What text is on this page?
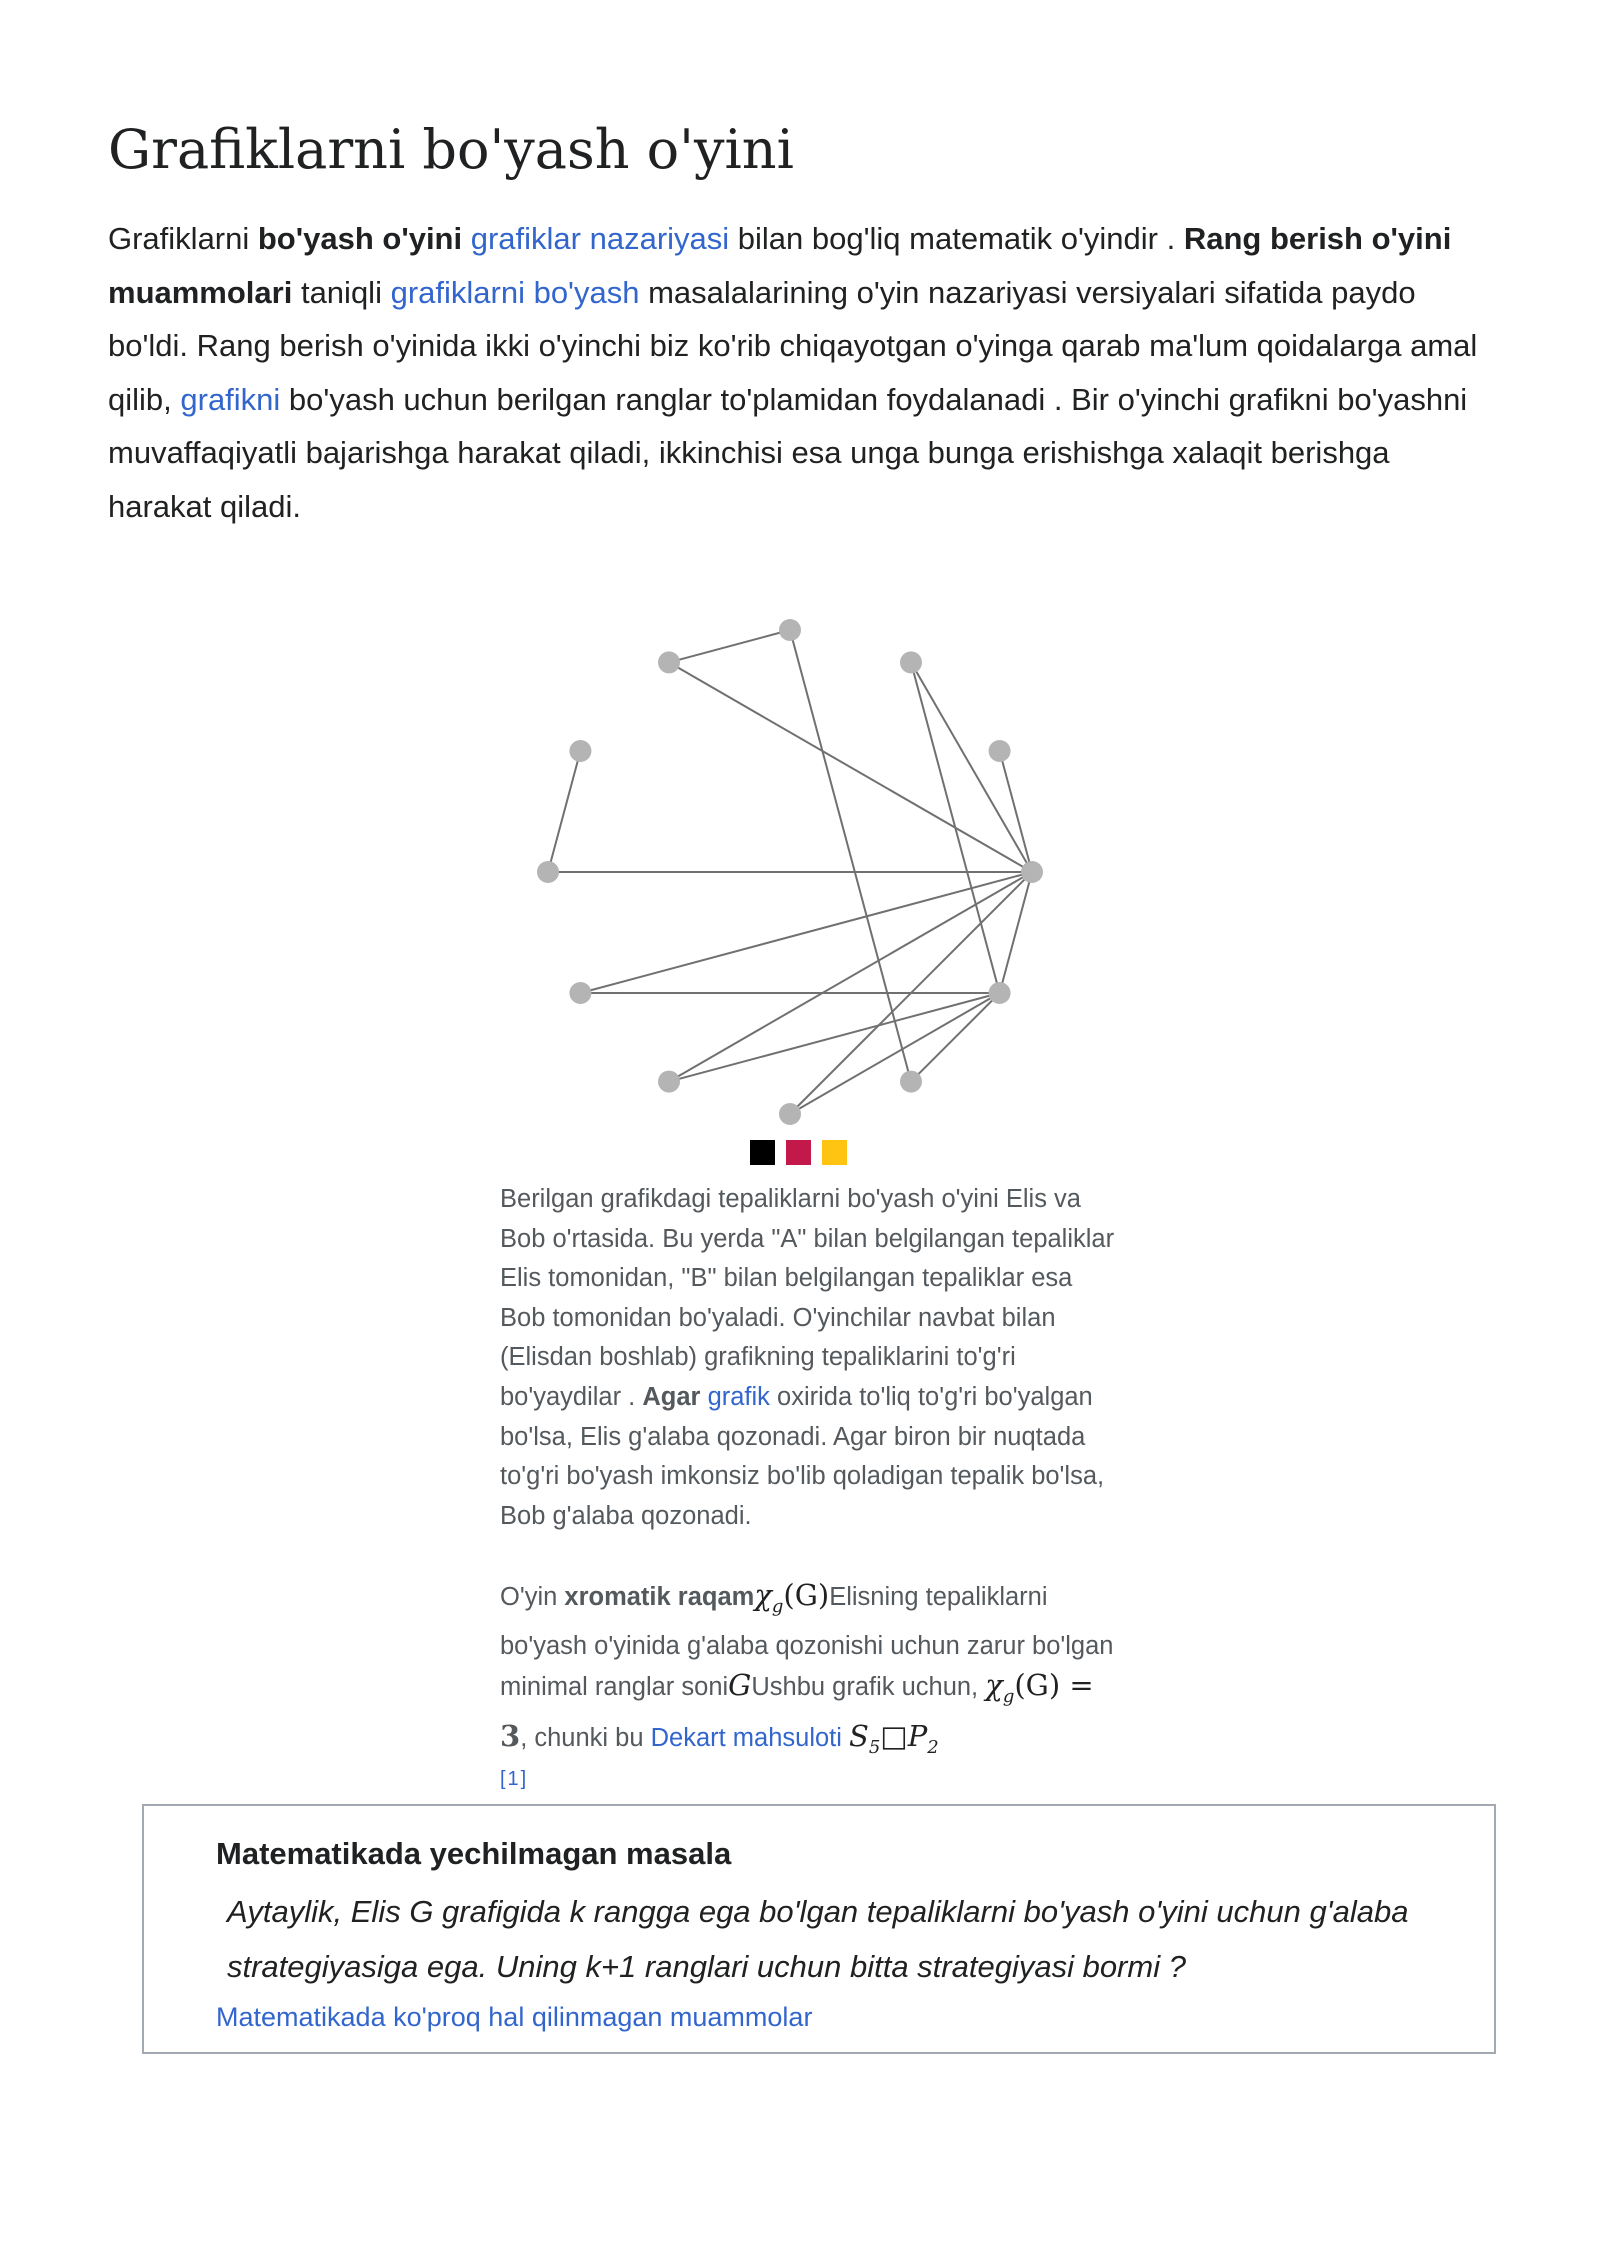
Grafiklarni bo'yash o'yini

Grafiklarni bo'yash o'yini grafiklar nazariyasi bilan bog'liq matematik o'yindir . Rang berish o'yini muammolari taniqli grafiklarni bo'yash masalalarining o'yin nazariyasi versiyalari sifatida paydo bo'ldi. Rang berish o'yinida ikki o'yinchi biz ko'rib chiqayotgan o'yinga qarab ma'lum qoidalarga amal qilib, grafikni bo'yash uchun berilgan ranglar to'plamidan foydalanadi . Bir o'yinchi grafikni bo'yashni muvaffaqiyatli bajarishga harakat qiladi, ikkinchisi esa unga bunga erishishga xalaqit berishga harakat qiladi.

Berilgan grafikdagi tepaliklarni bo'yash o'yini Elis va Bob o'rtasida. Bu yerda "A" bilan belgilangan tepaliklar Elis tomonidan, "B" bilan belgilangan tepaliklar esa Bob tomonidan bo'yaladi. O'yinchilar navbat bilan (Elisdan boshlab) grafikning tepaliklarini to'g'ri bo'yaydilar . Agar grafik oxirida to'liq to'g'ri bo'yalgan bo'lsa, Elis g'alaba qozonadi. Agar biron bir nuqtada to'g'ri bo'yash imkonsiz bo'lib qoladigan tepalik bo'lsa, Bob g'alaba qozonadi.

O'yin xromatik raqamχ$_g$(G)Elisning tepaliklarni bo'yash o'yinida g'alaba qozonishi uchun zarur bo'lgan minimal ranglar soniGUshbu grafik uchun, $\chi_g(G) = 3$, chunki bu Dekart mahsuloti $S_5□P_2$

[1]
Matematikada yechilmagan masala

Aytaylik, Elis G grafigida k rangga ega bo'lgan tepaliklarni bo'yash o'yini uchun g'alaba strategiyasiga ega. Uning k+1 ranglari uchun bitta strategiyasi bormi ?

Matematikada ko'proq hal qilinmagan muammolar
